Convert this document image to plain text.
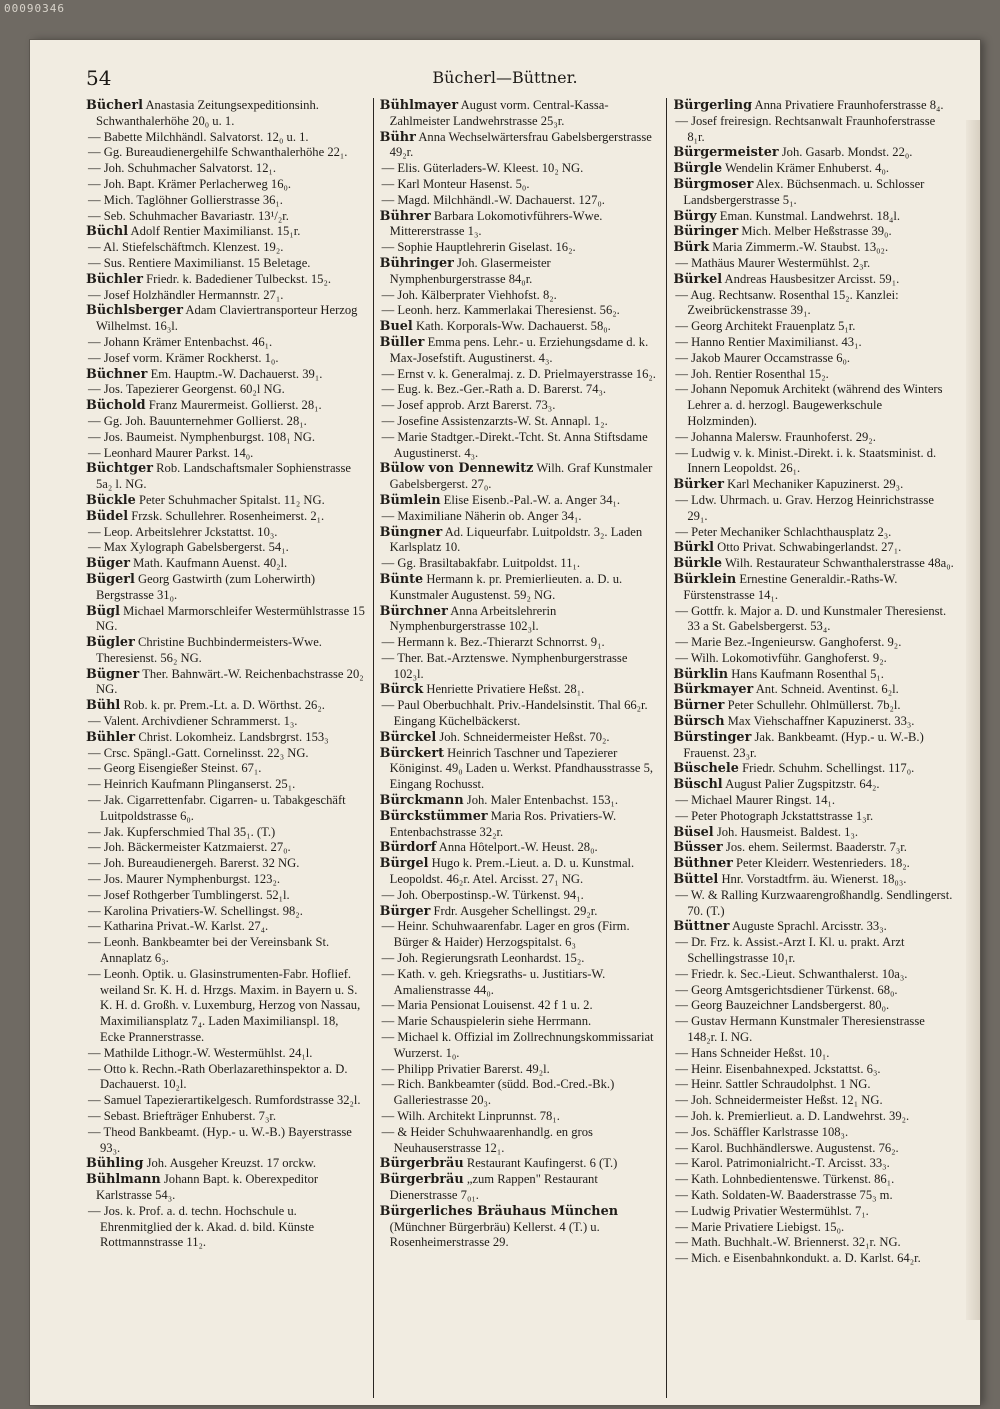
00090346
54	Bücherl—Büttner.

Bücherl Anastasia Zeitungsexpeditionsinh. Schwanthalerhöhe 20₀ u. 1.

— Babette Milchhändl. Salvatorst. 12₀ u. 1.

— Gg. Bureaudienergehilfe Schwanthalerhöhe 22₁.

— Joh. Schuhmacher Salvatorst. 12₁.

— Joh. Bapt. Krämer Perlacherweg 16₀.

— Mich. Taglöhner Gollierstrasse 36₁.

— Seb. Schuhmacher Bavariastr. 13¹/₂r.

Büchl Adolf Rentier Maximilianst. 15₁r.

— Al. Stiefelschäftmch. Klenzest. 19₂.

— Sus. Rentiere Maximilianst. 15 Beletage.

Büchler Friedr. k. Badediener Tulbeckst. 15₂.

— Josef Holzhändler Hermannstr. 27₁.

Büchlsberger Adam Claviertransporteur Herzog Wilhelmst. 16₃l.

— Johann Krämer Entenbachst. 46₁.

— Josef vorm. Krämer Rockherst. 1₀.

Büchner Em. Hauptm.-W. Dachauerst. 39₁.

— Jos. Tapezierer Georgenst. 60₂l NG.

Büchold Franz Maurermeist. Gollierst. 28₁.

— Gg. Joh. Bauunternehmer Gollierst. 28₁.

— Jos. Baumeist. Nymphenburgst. 108₁ NG.

— Leonhard Maurer Parkst. 14₀.

Büchtger Rob. Landschaftsmaler Sophienstrasse 5a₂ l. NG.

Bückle Peter Schuhmacher Spitalst. 11₂ NG.

Büdel Frzsk. Schullehrer. Rosenheimerst. 2₁.

— Leop. Arbeitslehrer Jckstattst. 10₃.

— Max Xylograph Gabelsbergerst. 54₁.

Büger Math. Kaufmann Auenst. 40₂l.

Bügerl Georg Gastwirth (zum Loherwirth) Bergstrasse 31₀.

Bügl Michael Marmorschleifer Westermühlstrasse 15 NG.

Bügler Christine Buchbindermeisters-Wwe. Theresienst. 56₂ NG.

Bügner Ther. Bahnwärt.-W. Reichenbachstrasse 20₂ NG.

Bühl Rob. k. pr. Prem.-Lt. a. D. Wörthst. 26₂.

— Valent. Archivdiener Schrammerst. 1₃.

Bühler Christ. Lokomheiz. Landsbrgrst. 153₃

— Crsc. Spängl.-Gatt. Cornelinsst. 22₃ NG.

— Georg Eisengießer Steinst. 67₁.

— Heinrich Kaufmann Plinganserst. 25₁.

— Jak. Cigarrettenfabr. Cigarren- u. Tabakgeschäft Luitpoldstrasse 6₀.

— Jak. Kupferschmied Thal 35₁. (T.)

— Joh. Bäckermeister Katzmaierst. 27₀.

— Joh. Bureaudienergeh. Barerst. 32 NG.

— Jos. Maurer Nymphenburgst. 123₂.

— Josef Rothgerber Tumblingerst. 52₁l.

— Karolina Privatiers-W. Schellingst. 98₂.

— Katharina Privat.-W. Karlst. 27₄.

— Leonh. Bankbeamter bei der Vereinsbank St. Annaplatz 6₃.

— Leonh. Optik. u. Glasinstrumenten-Fabr. Hoflief. weiland Sr. K. H. d. Hrzgs. Maxim. in Bayern u. S. K. H. d. Großh. v. Luxemburg, Herzog von Nassau, Maximiliansplatz 7₄. Laden Maximilianspl. 18, Ecke Prannerstrasse.

— Mathilde Lithogr.-W. Westermühlst. 24₁l.

— Otto k. Rechn.-Rath Oberlazarethinspektor a. D. Dachauerst. 10₂l.

— Samuel Tapezierartikelgesch. Rumfordstrasse 32₂l.

— Sebast. Briefträger Enhuberst. 7₃r.

— Theod Bankbeamt. (Hyp.- u. W.-B.) Bayerstrasse 93₃.

Bühling Joh. Ausgeher Kreuzst. 17 orckw.

Bühlmann Johann Bapt. k. Oberexpeditor Karlstrasse 54₃.

— Jos. k. Prof. a. d. techn. Hochschule u. Ehrenmitglied der k. Akad. d. bild. Künste Rottmannstrasse 11₂.

Bühlmayer August vorm. Central-Kassa-Zahlmeister Landwehrstrasse 25₃r.

Bühr Anna Wechselwärtersfrau Gabelsbergerstrasse 49₂r.

— Elis. Güterladers-W. Kleest. 10₂ NG.

— Karl Monteur Hasenst. 5₀.

— Magd. Milchhändl.-W. Dachauerst. 127₀.

Bührer Barbara Lokomotivführers-Wwe. Mittererstrasse 1₃.

— Sophie Hauptlehrerin Giselast. 16₂.

Bühringer Joh. Glasermeister Nymphenburgerstrasse 84₀r.

— Joh. Kälberprater Viehhofst. 8₂.

— Leonh. herz. Kammerlakai Theresienst. 56₂.

Buel Kath. Korporals-Ww. Dachauerst. 58₀.

Büller Emma pens. Lehr.- u. Erziehungsdame d. k. Max-Josefstift. Augustinerst. 4₃.

— Ernst v. k. Generalmaj. z. D. Prielmayerstrasse 16₂.

— Eug. k. Bez.-Ger.-Rath a. D. Barerst. 74₃.

— Josef approb. Arzt Barerst. 73₃.

— Josefine Assistenzarzts-W. St. Annapl. 1₂.

— Marie Stadtger.-Direkt.-Tcht. St. Anna Stiftsdame Augustinerst. 4₃.

Bülow von Dennewitz Wilh. Graf Kunstmaler Gabelsbergerst. 27₀.

Bümlein Elise Eisenb.-Pal.-W. a. Anger 34₁.

— Maximiliane Näherin ob. Anger 34₁.

Büngner Ad. Liqueurfabr. Luitpoldstr. 3₂. Laden Karlsplatz 10.

— Gg. Brasiltabakfabr. Luitpoldst. 11₁.

Bünte Hermann k. pr. Premierlieuten. a. D. u. Kunstmaler Augustenst. 59₂ NG.

Bürchner Anna Arbeitslehrerin Nymphenburgerstrasse 102₃l.

— Hermann k. Bez.-Thierarzt Schnorrst. 9₁.

— Ther. Bat.-Arztenswe. Nymphenburgerstrasse 102₃l.

Bürck Henriette Privatiere Heßst. 28₁.

— Paul Oberbuchhalt. Priv.-Handelsinstit. Thal 66₂r. Eingang Küchelbäckerst.

Bürckel Joh. Schneidermeister Heßst. 70₂.

Bürckert Heinrich Taschner und Tapezierer Königinst. 49₀ Laden u. Werkst. Pfandhausstrasse 5, Eingang Rochusst.

Bürckmann Joh. Maler Entenbachst. 153₁.

Bürckstümmer Maria Ros. Privatiers-W. Entenbachstrasse 32₂r.

Bürdorf Anna Hôtelport.-W. Heust. 28₀.

Bürgel Hugo k. Prem.-Lieut. a. D. u. Kunstmal. Leopoldst. 46₂r. Atel. Arcisst. 27₁ NG.

— Joh. Oberpostinsp.-W. Türkenst. 94₁.

Bürger Frdr. Ausgeher Schellingst. 29₂r.

— Heinr. Schuhwaarenfabr. Lager en gros (Firm. Bürger & Haider) Herzogspitalst. 6₃

— Joh. Regierungsrath Leonhardst. 15₂.

— Kath. v. geh. Kriegsraths- u. Justitiars-W. Amalienstrasse 44₀.

— Maria Pensionat Louisenst. 42 f 1 u. 2.

— Marie Schauspielerin siehe Herrmann.

— Michael k. Offizial im Zollrechnungskommissariat Wurzerst. 1₀.

— Philipp Privatier Barerst. 49₂l.

— Rich. Bankbeamter (südd. Bod.-Cred.-Bk.) Galleriestrasse 20₃.

— Wilh. Architekt Linprunnst. 78₁.

— & Heider Schuhwaarenhandlg. en gros Neuhauserstrasse 12₁.

Bürgerbräu Restaurant Kaufingerst. 6 (T.)

Bürgerbräu „zum Rappen" Restaurant Dienerstrasse 7₀₁.

Bürgerliches Bräuhaus München (Münchner Bürgerbräu) Kellerst. 4 (T.) u. Rosenheimerstrasse 29.

Bürgerling Anna Privatiere Fraunhoferstrasse 8₄.

— Josef freiresign. Rechtsanwalt Fraunhoferstrasse 8₁r.

Bürgermeister Joh. Gasarb. Mondst. 22₀.

Bürgle Wendelin Krämer Enhuberst. 4₀.

Bürgmoser Alex. Büchsenmach. u. Schlosser Landsbergerstrasse 5₁.

Bürgy Eman. Kunstmal. Landwehrst. 18₄l.

Büringer Mich. Melber Heßstrasse 39₀.

Bürk Maria Zimmerm.-W. Staubst. 13₀₂.

— Mathäus Maurer Westermühlst. 2₃r.

Bürkel Andreas Hausbesitzer Arcisst. 59₁.

— Aug. Rechtsanw. Rosenthal 15₂. Kanzlei: Zweibrückenstrasse 39₁.

— Georg Architekt Frauenplatz 5₁r.

— Hanno Rentier Maximilianst. 43₁.

— Jakob Maurer Occamstrasse 6₀.

— Joh. Rentier Rosenthal 15₂.

— Johann Nepomuk Architekt (während des Winters Lehrer a. d. herzogl. Baugewerkschule Holzminden).

— Johanna Malersw. Fraunhoferst. 29₂.

— Ludwig v. k. Minist.-Direkt. i. k. Staatsminist. d. Innern Leopoldst. 26₁.

Bürker Karl Mechaniker Kapuzinerst. 29₃.

— Ldw. Uhrmach. u. Grav. Herzog Heinrichstrasse 29₁.

— Peter Mechaniker Schlachthausplatz 2₃.

Bürkl Otto Privat. Schwabingerlandst. 27₁.

Bürkle Wilh. Restaurateur Schwanthalerstrasse 48a₀.

Bürklein Ernestine Generaldir.-Raths-W. Fürstenstrasse 14₁.

— Gottfr. k. Major a. D. und Kunstmaler Theresienst. 33 a St. Gabelsbergerst. 53₄.

— Marie Bez.-Ingenieursw. Ganghoferst. 9₂.

— Wilh. Lokomotivführ. Ganghoferst. 9₂.

Bürklin Hans Kaufmann Rosenthal 5₁.

Bürkmayer Ant. Schneid. Aventinst. 6₂l.

Bürner Peter Schullehr. Ohlmüllerst. 7b₂l.

Bürsch Max Viehschaffner Kapuzinerst. 33₃.

Bürstinger Jak. Bankbeamt. (Hyp.- u. W.-B.) Frauenst. 23₃r.

Büschele Friedr. Schuhm. Schellingst. 117₀.

Büschl August Palier Zugspitzstr. 64₂.

— Michael Maurer Ringst. 14₁.

— Peter Photograph Jckstattstrasse 1₃r.

Büsel Joh. Hausmeist. Baldest. 1₃.

Büsser Jos. ehem. Seilermst. Baaderstr. 7₃r.

Büthner Peter Kleiderr. Westenrieders. 18₂.

Büttel Hnr. Vorstadtfrm. äu. Wienerst. 18₀₃.

— W. & Ralling Kurzwaarengroßhandlg. Sendlingerst. 70. (T.)

Büttner Auguste Sprachl. Arcisstr. 33₃.

— Dr. Frz. k. Assist.-Arzt I. Kl. u. prakt. Arzt Schellingstrasse 10₁r.

— Friedr. k. Sec.-Lieut. Schwanthalerst. 10a₃.

— Georg Amtsgerichtsdiener Türkenst. 68₀.

— Georg Bauzeichner Landsbergerst. 80₀.

— Gustav Hermann Kunstmaler Theresienstrasse 148₂r. I. NG.

— Hans Schneider Heßst. 10₁.

— Heinr. Eisenbahnexped. Jckstattst. 6₃.

— Heinr. Sattler Schraudolphst. 1 NG.

— Joh. Schneidermeister Heßst. 12₁ NG.

— Joh. k. Premierlieut. a. D. Landwehrst. 39₂.

— Jos. Schäffler Karlstrasse 108₃.

— Karol. Buchhändlerswe. Augustenst. 76₂.

— Karol. Patrimonialricht.-T. Arcisst. 33₃.

— Kath. Lohnbedientenswe. Türkenst. 86₁.

— Kath. Soldaten-W. Baaderstrasse 75₃ m.

— Ludwig Privatier Westermühlst. 7₁.

— Marie Privatiere Liebigst. 15₀.

— Math. Buchhalt.-W. Briennerst. 32₁r. NG.

— Mich. e Eisenbahnkondukt. a. D. Karlst. 64₂r.
